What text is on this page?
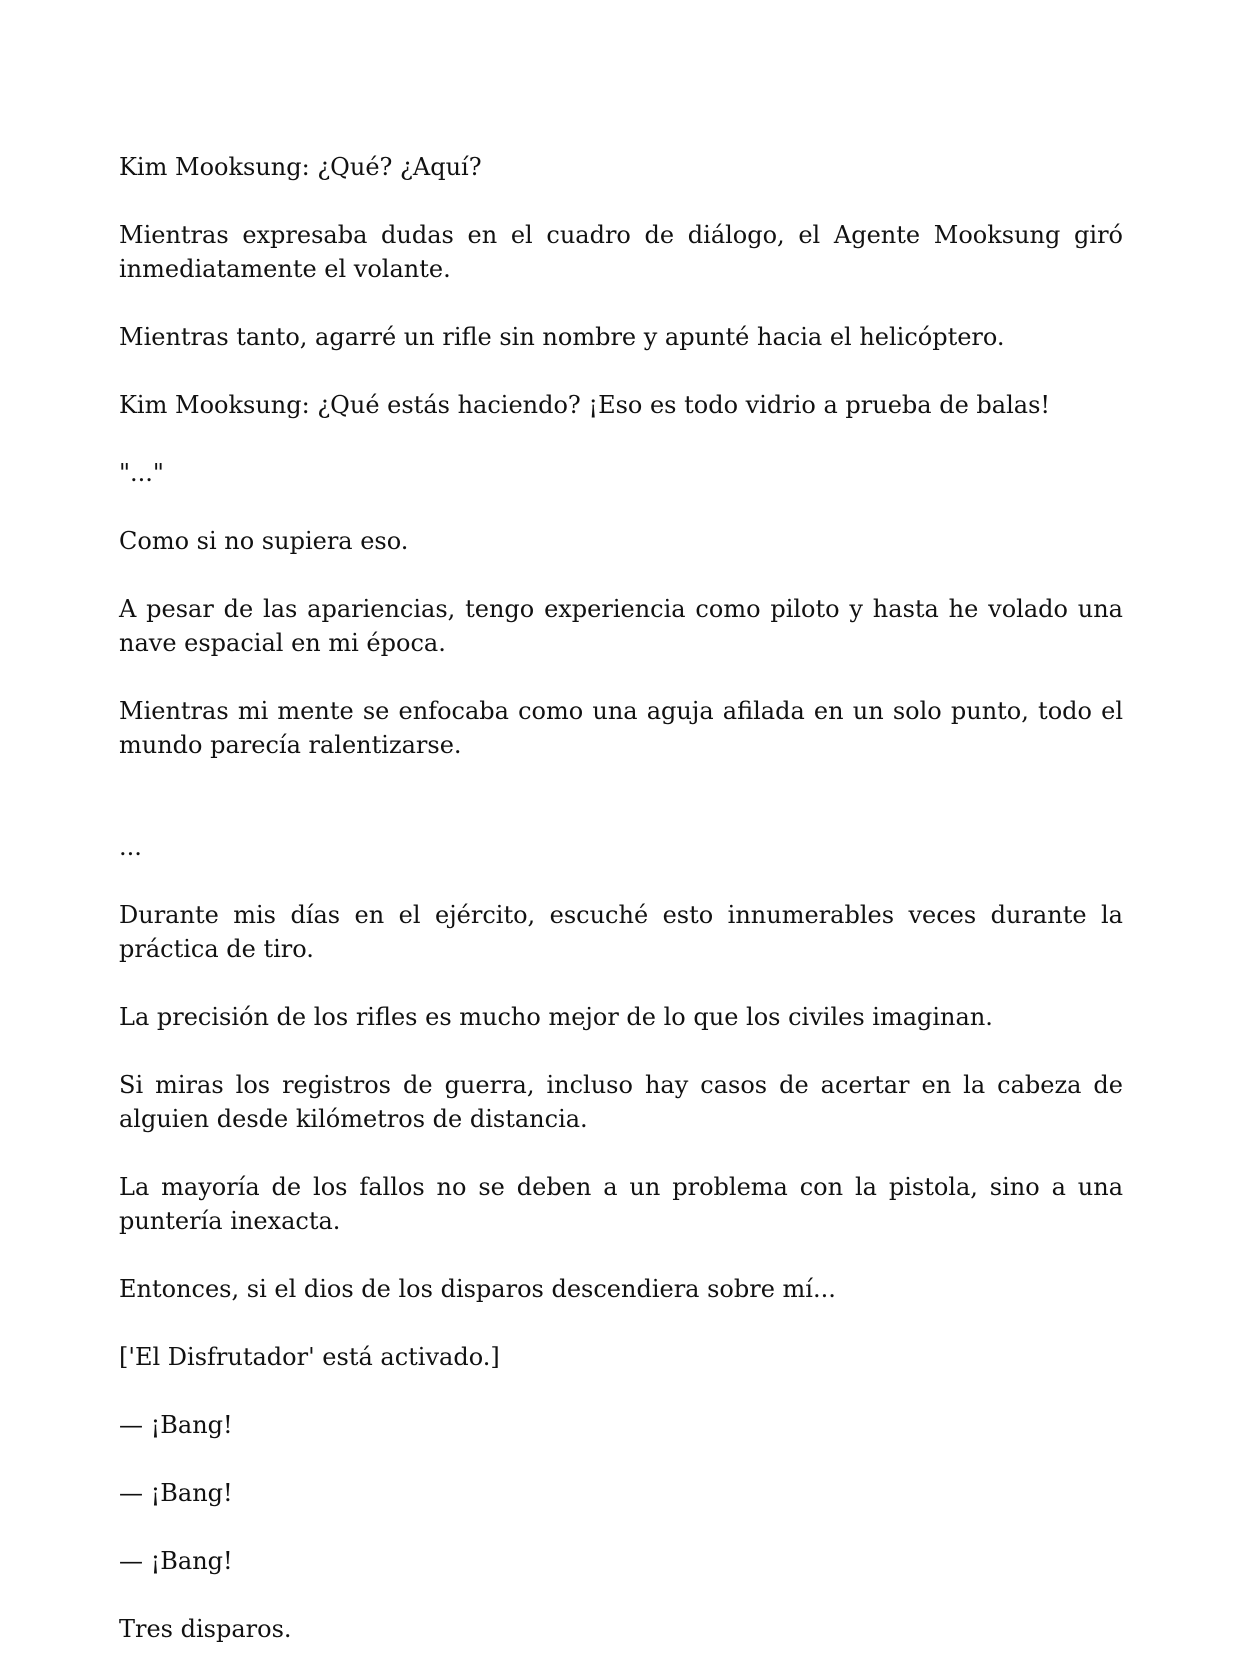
Kim Mooksung: ¿Qué? ¿Aquí?

Mientras expresaba dudas en el cuadro de diálogo, el Agente Mooksung giró inmediatamente el volante.

Mientras tanto, agarré un rifle sin nombre y apunté hacia el helicóptero.

Kim Mooksung: ¿Qué estás haciendo? ¡Eso es todo vidrio a prueba de balas!

"..."

Como si no supiera eso.

A pesar de las apariencias, tengo experiencia como piloto y hasta he volado una nave espacial en mi época.

Mientras mi mente se enfocaba como una aguja afilada en un solo punto, todo el mundo parecía ralentizarse.

...

Durante mis días en el ejército, escuché esto innumerables veces durante la práctica de tiro.

La precisión de los rifles es mucho mejor de lo que los civiles imaginan.

Si miras los registros de guerra, incluso hay casos de acertar en la cabeza de alguien desde kilómetros de distancia.

La mayoría de los fallos no se deben a un problema con la pistola, sino a una puntería inexacta.

Entonces, si el dios de los disparos descendiera sobre mí...

['El Disfrutador' está activado.]

— ¡Bang!

— ¡Bang!

— ¡Bang!

Tres disparos.
